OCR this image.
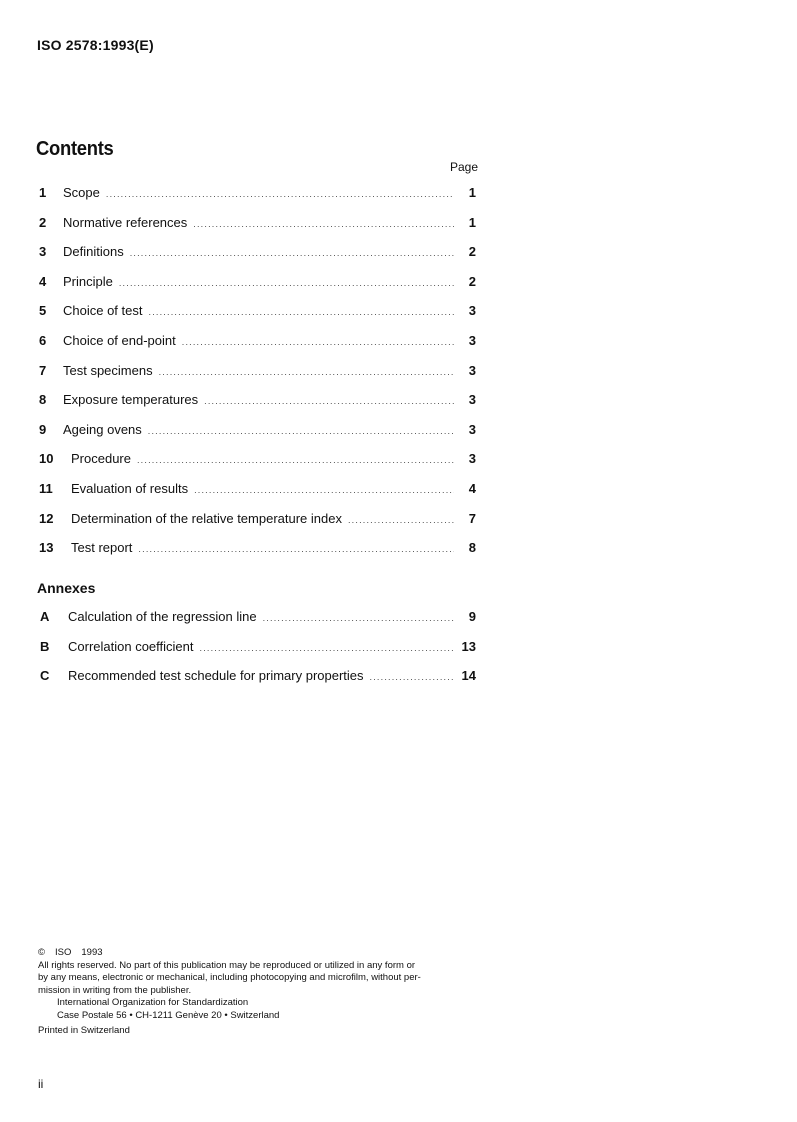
ISO 2578:1993(E)
Contents
Page
1	Scope .....	1
2	Normative references .....	1
3	Definitions .....	2
4	Principle .....	2
5	Choice of test .....	3
6	Choice of end-point .....	3
7	Test specimens .....	3
8	Exposure temperatures .....	3
9	Ageing ovens .....	3
10	Procedure .....	3
11	Evaluation of results .....	4
12	Determination of the relative temperature index .....	7
13	Test report .....	8
Annexes
A	Calculation of the regression line .....	9
B	Correlation coefficient .....	13
C	Recommended test schedule for primary properties .....	14
© ISO 1993
All rights reserved. No part of this publication may be reproduced or utilized in any form or
by any means, electronic or mechanical, including photocopying and microfilm, without per-
mission in writing from the publisher.
International Organization for Standardization
Case Postale 56 • CH-1211 Genève 20 • Switzerland
Printed in Switzerland
ii
